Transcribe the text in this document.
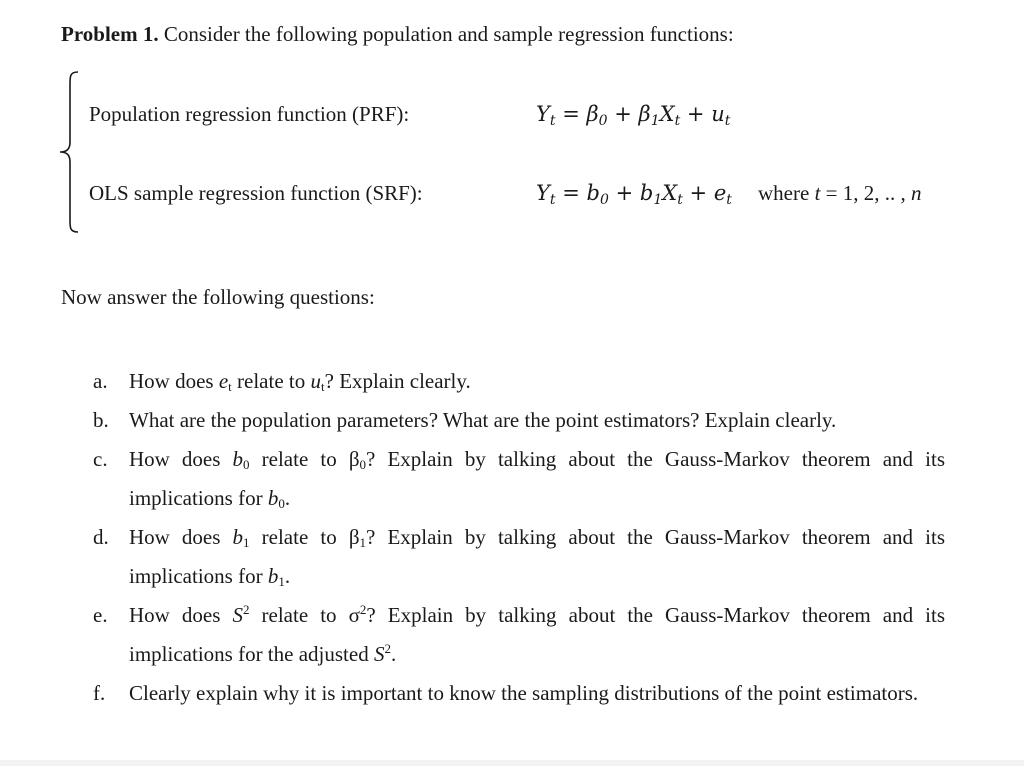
Problem 1. Consider the following population and sample regression functions:
Population regression function (PRF):	$Y_t = \beta_0 + \beta_1X_t + u_t$
OLS sample regression function (SRF):	$Y_t = b_0 + b_1X_t + e_t$ where t = 1, 2, .. , n
Now answer the following questions:
a.	How does $e_t$ relate to $u_t$? Explain clearly.
b. What are the population parameters? What are the point estimators? Explain clearly.
c.	How does $b_0$ relate to $\beta_0$? Explain by talking about the Gauss-Markov theorem and its implications for $b_0$.
d. How does $b_1$ relate to $\beta_1$? Explain by talking about the Gauss-Markov theorem and its implications for $b_1$.
e.	How does $S^2$ relate to $\sigma^2$? Explain by talking about the Gauss-Markov theorem and its implications for the adjusted $S^2$.
f.	Clearly explain why it is important to know the sampling distributions of the point estimators.
